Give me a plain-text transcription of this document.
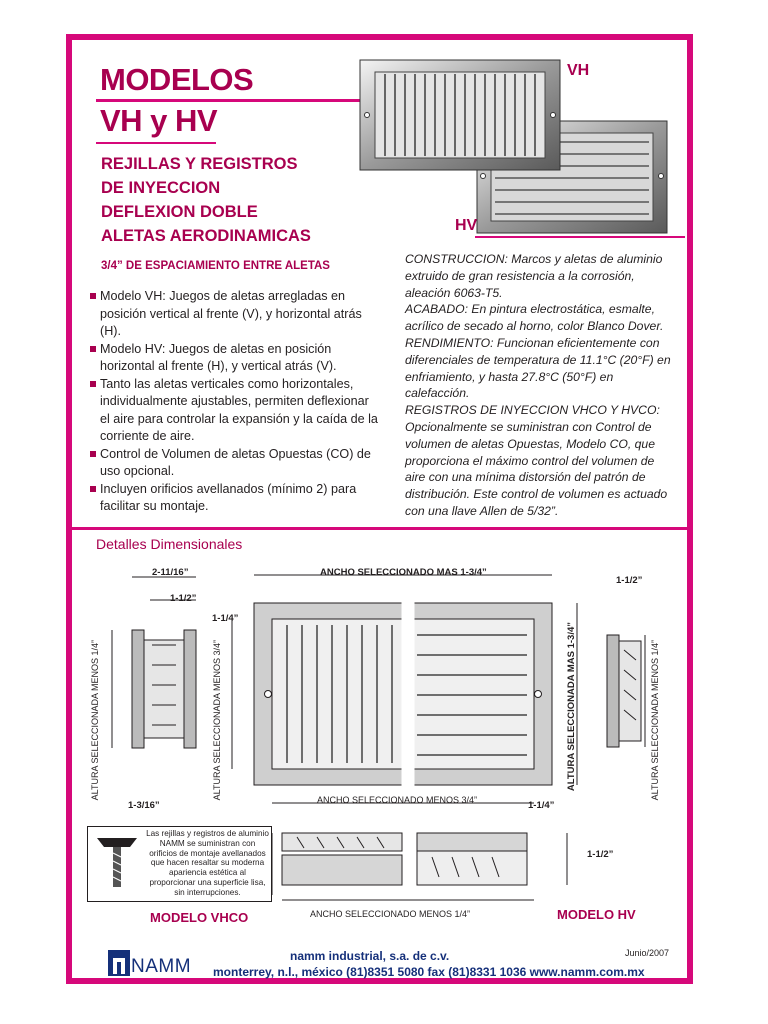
MODELOS
VH y HV
REJILLAS Y REGISTROS
DE INYECCION
DEFLEXION DOBLE
ALETAS AERODINAMICAS
3/4” DE ESPACIAMIENTO ENTRE ALETAS
VH
HV
Modelo VH: Juegos de aletas arregladas en posición vertical al frente (V), y horizontal atrás (H).
Modelo HV: Juegos de aletas en posición horizontal al frente (H), y vertical atrás (V).
Tanto las aletas verticales como horizontales, individualmente ajustables, permiten deflexionar el aire para controlar la expansión y la caída de la corriente de aire.
Control de Volumen de aletas Opuestas (CO) de uso opcional.
Incluyen orificios avellanados (mínimo 2) para facilitar su montaje.

CONSTRUCCION: Marcos y aletas de aluminio extruido de gran resistencia a la corrosión, aleación 6063-T5.

ACABADO: En pintura electrostática, esmalte, acrílico de secado al horno, color Blanco Dover.

RENDIMIENTO: Funcionan eficientemente con diferenciales de temperatura de 11.1°C (20°F) en enfriamiento, y hasta 27.8°C (50°F) en calefacción.

REGISTROS DE INYECCION VHCO Y HVCO: Opcionalmente se suministran con Control de volumen de aletas Opuestas, Modelo CO, que proporciona el máximo control del volumen de aire con una mínima distorsión del patrón de distribución. Este control de volumen es actuado con una llave Allen de 5/32”.

Detalles Dimensionales
2-11/16”
1-1/2”
1-1/4”
ANCHO SELECCIONADO MAS 1-3/4”
1-1/2”
ALTURA SELECCIONADA MENOS 1/4”	ALTURA SELECCIONADA MENOS 3/4”	ALTURA SELECCIONADA MAS 1-3/4”	ALTURA SELECCIONADA MENOS 1/4”
1-3/16”	ANCHO SELECCIONADO MENOS 3/4”	1-1/4”
1-1/2”
ANCHO SELECCIONADO MENOS 1/4”
Las rejillas y registros de aluminio NAMM se suministran con orificios de montaje avellanados que hacen resaltar su moderna apariencia estética al proporcionar una superficie lisa, sin interrupciones.
MODELO VHCO	MODELO HV
NAMM	namm industrial, s.a. de c.v.
monterrey, n.l., méxico (81)8351 5080 fax (81)8331 1036 www.namm.com.mx
Junio/2007
